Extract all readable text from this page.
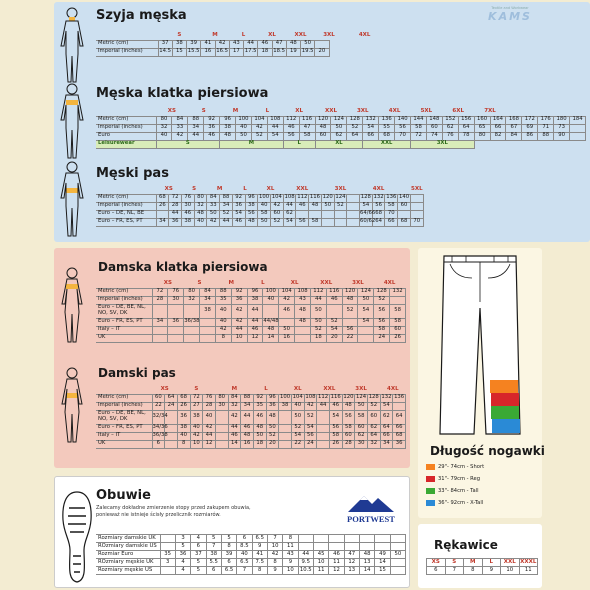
Textile and Workwear
KAMS
Szyja męska
Męska klatka piersiowa
Męski pas
Damska klatka piersiowa
Damski pas
Obuwie
Długość nogawki
Rękawice
	S			M		L		XL		XXL		3XL	4XL
Metric (cm)	37	38	39	41	42	43	44	46	47	48	50		
Imperial (inches)	14.5	15	15.5	16	16.5	17	17.5	18	18.5	19	19.5	20	
	XS		S		M		L		XL		XXL		3XL		4XL		5XL		6XL		7XL						
Metric (cm)	80	84	88	92	96	100	104	108	112	116	120	124	128	132	136	140	144	148	152	156	160	164	168	172	176	180	184
Imperial (inches)	32	33	34	36	38	40	42	44	46	47	48	50	52	54	55	56	58	60	62	64	65	66	67	69	71	73	
Euro	40	42	44	46	48	50	52	54	56	58	60	62	64	66	68	70	72	74	76	78	80	82	84	86	88	90	
Leisurewear	S				M				L		XL			XXL			3XL										
	XS		S		M		L		XL		XXL			3XL			4XL			5XL	
Metric (cm)	68	72	76	80	84	88	92	96	100	104	108	112	116	120	124		128	132	136	140	
Imperial (inches)	26	28	30	32	33	34	36	38	40	42	44	46	48	50	52		54	56	58	60	
Euro – DE, NL, BE		44	46	48	50	52	54	56	58	60	62						64/66	68	70		
Euro – FR, ES, PT	34	36	38	40	42	44	46	48	50	52	54	56	58				60/62	64	66	68	70
	XS		S		M		L		XL		XXL		3XL		4XL	
Metric (cm)	72	76	80	84	88	92	96	100	104	108	112	116	120	124	128	132
Imperial (inches)	28	30	32	34	35	36	38	40	42	43	44	46	48	50	52	
Euro – DE, BE, NL, NO, SV, DK				38	40	42	44		46	48	50		52	54	56	58
Euro – FR, ES, PT	34	36	36/38		40	42	44	44/48		48	50	52		54	56	58
Italy – IT					42	44	46	48	50		52	54	56		58	60
UK					8	10	12	14	16		18	20	22		24	26
	XS		S			M			L		XL			XXL		3XL			4XL	
Metric (cm)	60	64	68	72	76	80	84	88	92	96	100	104	108	112	116	120	124	128	132	136
Imperial (inches)	22	24	26	27	28	30	32	34	35	36	38	40	42	44	46	48	50	52	54	
Euro – DE, BE, NL, NO, SV, DK	32/34		36	38	40		42	44	46	48		50	52		54	56	58	60	62	64
Euro – FR, ES, PT	34/36		38	40	42		44	46	48	50		52	54		56	58	60	62	64	66
Italy – IT	36/38		40	42	44		46	48	50	52		54	56		58	60	62	64	66	68
UK	6		8	10	12		14	16	18	20		22	24		26	28	30	32	34	36
Rozmiary damskie UK		3	4	5	5	6	6.5	7	8							
ROzmiary damskie US		5	6	7	8	8.5	9	10	11							
Rozmiar Euro	35	36	37	38	39	40	41	42	43	44	45	46	47	48	49	50
ROzmiary męskie UK	3	4	5	5.5	6	6.5	7.5	8	9	9.5	10	11	12	13	14	
Rozmiary męskie US		4	5	6	6.5	7	8	9	10	10.5	11	12	13	14	15	
XS	S	M	L	XXL	XXXL
6	7	8	9	10	11
Zalecamy dokładne zmierzenie stopy przed zakupem obuwia,
ponieważ nie istnieje ścisły przelicznik rozmiarów.	PORTWEST
29"- 74cm - Short
31"- 79cm - Reg
33"- 84cm - Tall
36"- 92cm - X-Tall
